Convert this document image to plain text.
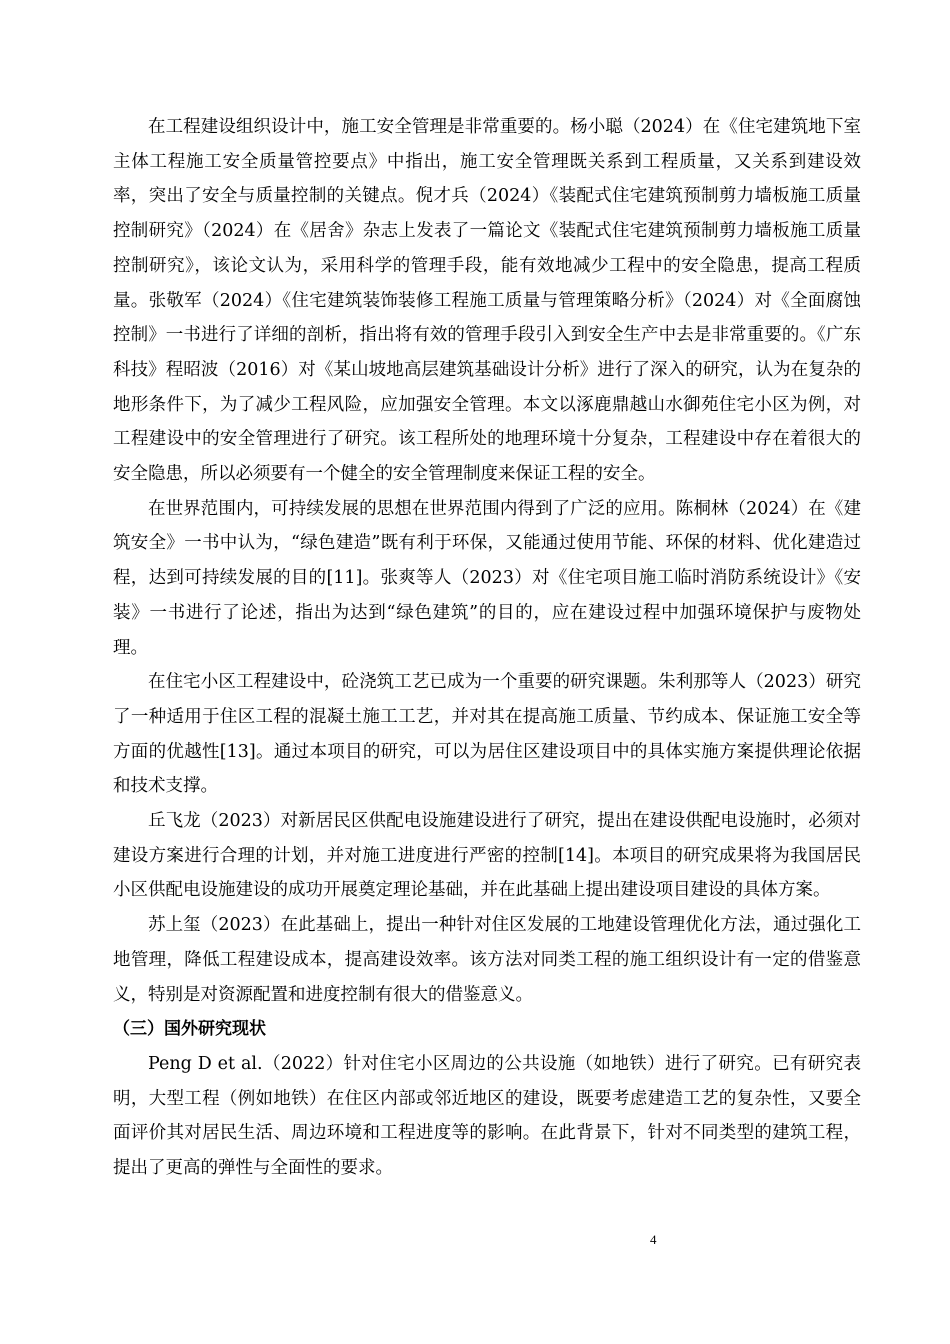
在工程建设组织设计中，施工安全管理是非常重要的。杨小聪（2024）在《住宅建筑地下室主体工程施工安全质量管控要点》中指出，施工安全管理既关系到工程质量，又关系到建设效率，突出了安全与质量控制的关键点。倪才兵（2024）《装配式住宅建筑预制剪力墙板施工质量控制研究》（2024）在《居舍》杂志上发表了一篇论文《装配式住宅建筑预制剪力墙板施工质量控制研究》，该论文认为，采用科学的管理手段，能有效地减少工程中的安全隐患，提高工程质量。张敬军（2024）《住宅建筑装饰装修工程施工质量与管理策略分析》（2024）对《全面腐蚀控制》一书进行了详细的剖析，指出将有效的管理手段引入到安全生产中去是非常重要的。《广东科技》程昭波（2016）对《某山坡地高层建筑基础设计分析》进行了深入的研究，认为在复杂的地形条件下，为了减少工程风险，应加强安全管理。本文以涿鹿鼎越山水御苑住宅小区为例，对工程建设中的安全管理进行了研究。该工程所处的地理环境十分复杂，工程建设中存在着很大的安全隐患，所以必须要有一个健全的安全管理制度来保证工程的安全。

在世界范围内，可持续发展的思想在世界范围内得到了广泛的应用。陈桐林（2024）在《建筑安全》一书中认为，“绿色建造”既有利于环保，又能通过使用节能、环保的材料、优化建造过程，达到可持续发展的目的[11]。张爽等人（2023）对《住宅项目施工临时消防系统设计》《安装》一书进行了论述，指出为达到“绿色建筑”的目的，应在建设过程中加强环境保护与废物处理。

在住宅小区工程建设中，砼浇筑工艺已成为一个重要的研究课题。朱利那等人（2023）研究了一种适用于住区工程的混凝土施工工艺，并对其在提高施工质量、节约成本、保证施工安全等方面的优越性[13]。通过本项目的研究，可以为居住区建设项目中的具体实施方案提供理论依据和技术支撑。

丘飞龙（2023）对新居民区供配电设施建设进行了研究，提出在建设供配电设施时，必须对建设方案进行合理的计划，并对施工进度进行严密的控制[14]。本项目的研究成果将为我国居民小区供配电设施建设的成功开展奠定理论基础，并在此基础上提出建设项目建设的具体方案。

苏上玺（2023）在此基础上，提出一种针对住区发展的工地建设管理优化方法，通过强化工地管理，降低工程建设成本，提高建设效率。该方法对同类工程的施工组织设计有一定的借鉴意义，特别是对资源配置和进度控制有很大的借鉴意义。

（三）国外研究现状

Peng D et al.（2022）针对住宅小区周边的公共设施（如地铁）进行了研究。已有研究表明，大型工程（例如地铁）在住区内部或邻近地区的建设，既要考虑建造工艺的复杂性，又要全面评价其对居民生活、周边环境和工程进度等的影响。在此背景下，针对不同类型的建筑工程，提出了更高的弹性与全面性的要求。

4
